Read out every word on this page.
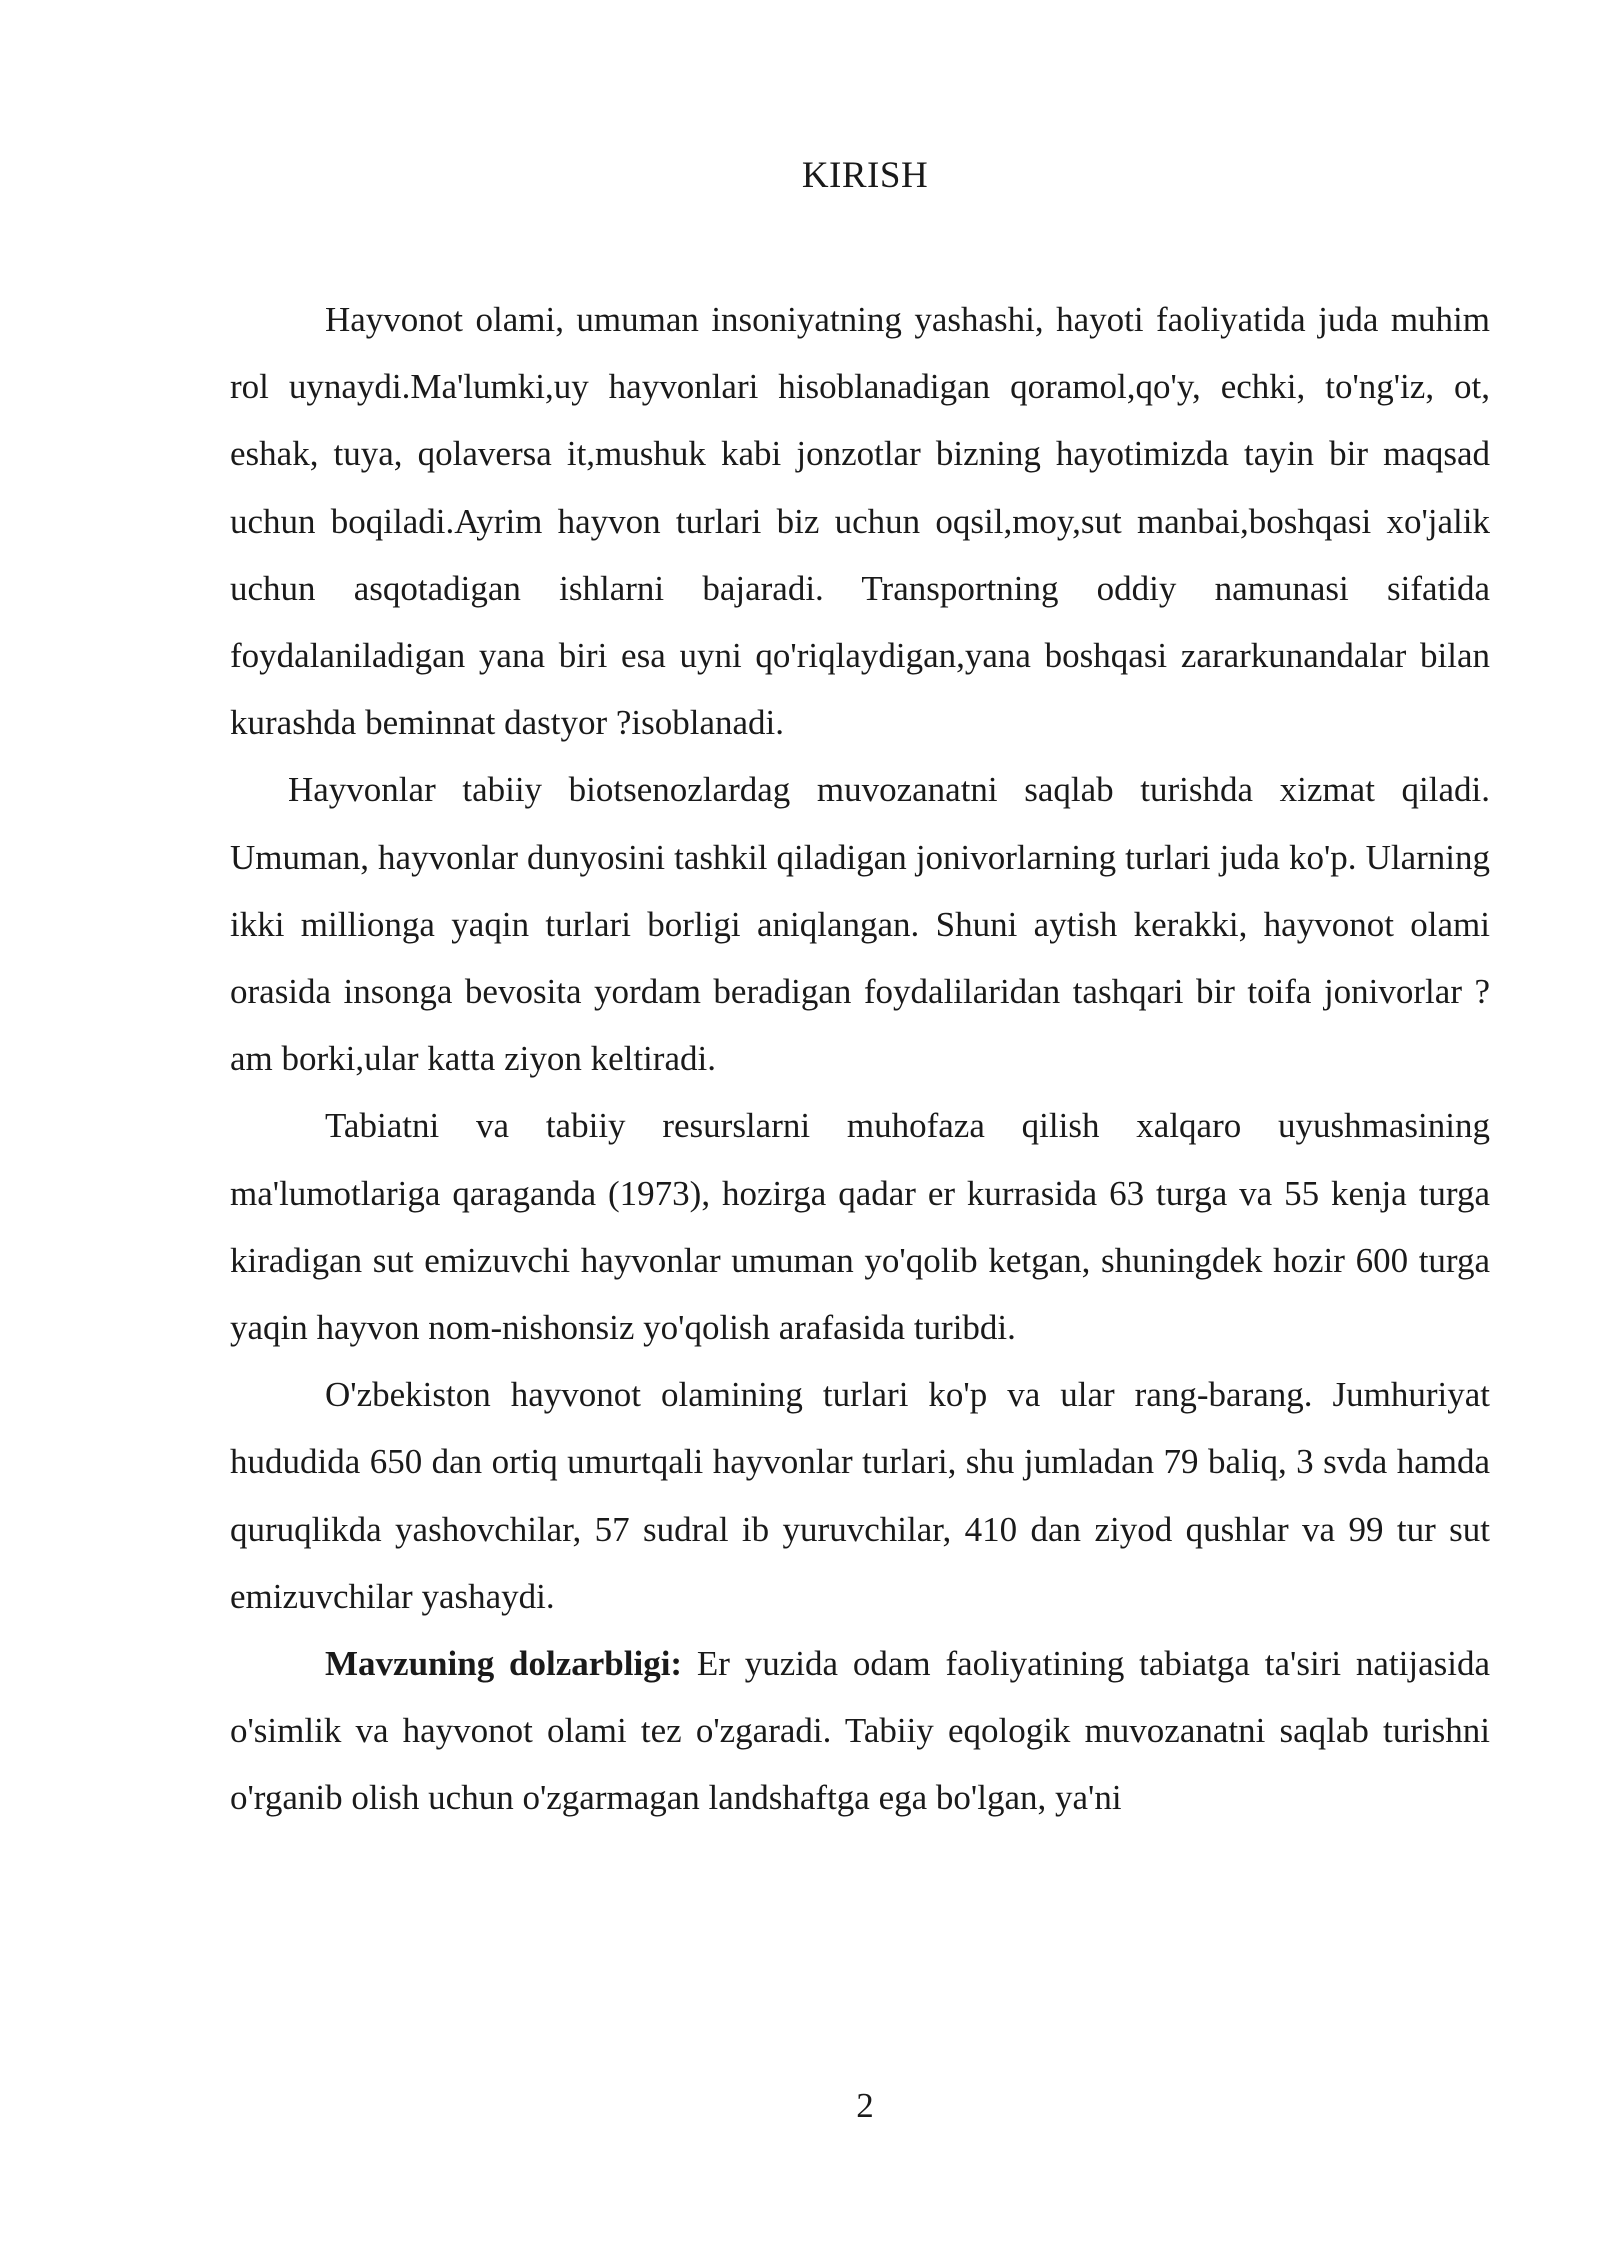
KIRISH

Hayvonot olami, umuman insoniyatning yashashi, hayoti faoliyatida juda muhim rol uynaydi.Ma'lumki,uy hayvonlari hisoblanadigan qoramol,qo'y, echki, to'ng'iz, ot, eshak, tuya, qolaversa it,mushuk kabi jonzotlar bizning hayotimizda tayin bir maqsad uchun boqiladi.Ayrim hayvon turlari biz uchun oqsil,moy,sut manbai,boshqasi xo'jalik uchun asqotadigan ishlarni bajaradi. Transportning oddiy namunasi sifatida foydalaniladigan yana biri esa uyni qo'riqlaydigan,yana boshqasi zararkunandalar bilan kurashda beminnat dastyor ?isoblanadi.

Hayvonlar tabiiy biotsenozlardag muvozanatni saqlab turishda xizmat qiladi. Umuman, hayvonlar dunyosini tashkil qiladigan jonivorlarning turlari juda ko'p. Ularning ikki millionga yaqin turlari borligi aniqlangan. Shuni aytish kerakki, hayvonot olami orasida insonga bevosita yordam beradigan foydalilaridan tashqari bir toifa jonivorlar ?am borki,ular katta ziyon keltiradi.

Tabiatni va tabiiy resurslarni muhofaza qilish xalqaro uyushmasining ma'lumotlariga qaraganda (1973), hozirga qadar er kurrasida 63 turga va 55 kenja turga kiradigan sut emizuvchi hayvonlar umuman yo'qolib ketgan, shuningdek hozir 600 turga yaqin hayvon nom-nishonsiz yo'qolish arafasida turibdi.

O'zbekiston hayvonot olamining turlari ko'p va ular rang-barang. Jumhuriyat hududida 650 dan ortiq umurtqali hayvonlar turlari, shu jumladan 79 baliq, 3 svda hamda quruqlikda yashovchilar, 57 sudral ib yuruvchilar, 410 dan ziyod qushlar va 99 tur sut emizuvchilar yashaydi.

Mavzuning dolzarbligi: Er yuzida odam faoliyatining tabiatga ta'siri natijasida o'simlik va hayvonot olami tez o'zgaradi. Tabiiy eqologik muvozanatni saqlab turishni o'rganib olish uchun o'zgarmagan landshaftga ega bo'lgan, ya'ni

2
